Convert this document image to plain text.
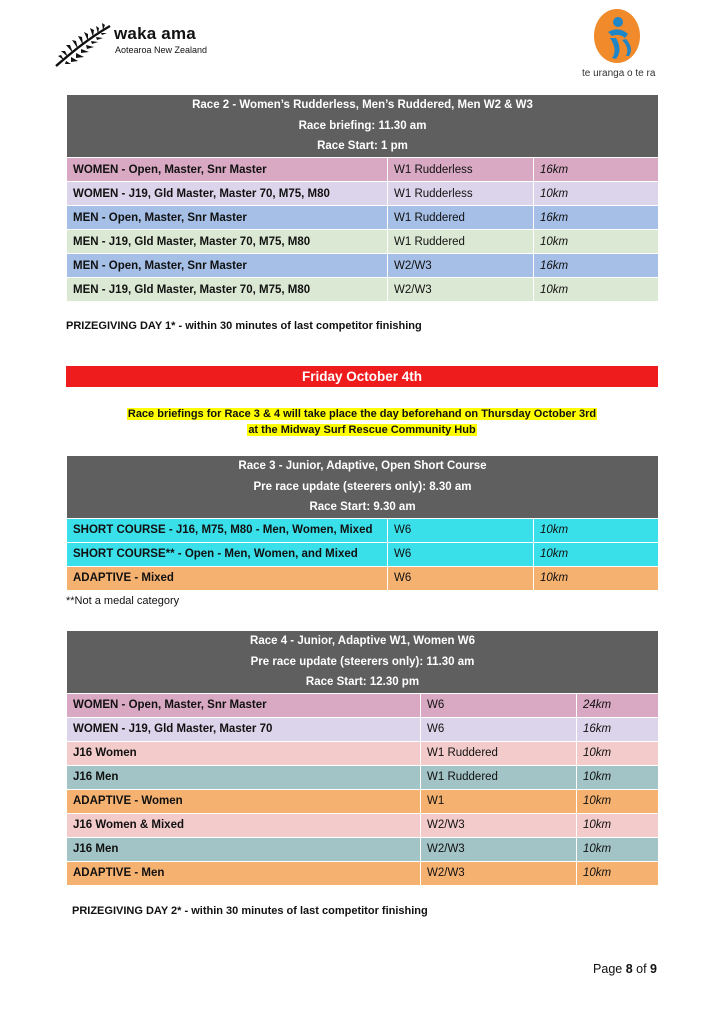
waka ama
Aotearoa New Zealand
te uranga o te ra
Race 2 - Women’s Rudderless, Men’s Ruddered, Men W2 & W3
Race briefing: 11.30 am
Race Start: 1 pm		

WOMEN - Open, Master, Snr Master	W1 Rudderless	16km
WOMEN - J19, Gld Master, Master 70, M75, M80	W1 Rudderless	10km
MEN - Open, Master, Snr Master	W1 Ruddered	16km
MEN - J19, Gld Master, Master 70, M75, M80	W1 Ruddered	10km
MEN - Open, Master, Snr Master	W2/W3	16km
MEN - J19, Gld Master, Master 70, M75, M80	W2/W3	10km
PRIZEGIVING DAY 1* - within 30 minutes of last competitor finishing
Friday October 4th
Race briefings for Race 3 & 4 will take place the day beforehand on Thursday October 3rd
at the Midway Surf Rescue Community Hub
Race 3 - Junior, Adaptive, Open Short Course
Pre race update (steerers only): 8.30 am
Race Start: 9.30 am		

SHORT COURSE - J16, M75, M80 - Men, Women, Mixed	W6	10km
SHORT COURSE** - Open - Men, Women, and Mixed	W6	10km
ADAPTIVE - Mixed	W6	10km
**Not a medal category
Race 4 - Junior, Adaptive W1, Women W6
Pre race update (steerers only): 11.30 am
Race Start: 12.30 pm		

WOMEN - Open, Master, Snr Master	W6	24km
WOMEN - J19, Gld Master, Master 70	W6	16km
J16 Women	W1 Ruddered	10km
J16 Men	W1 Ruddered	10km
ADAPTIVE - Women	W1	10km
J16 Women & Mixed	W2/W3	10km
J16 Men	W2/W3	10km
ADAPTIVE - Men	W2/W3	10km
PRIZEGIVING DAY 2* - within 30 minutes of last competitor finishing
Page 8 of 9
